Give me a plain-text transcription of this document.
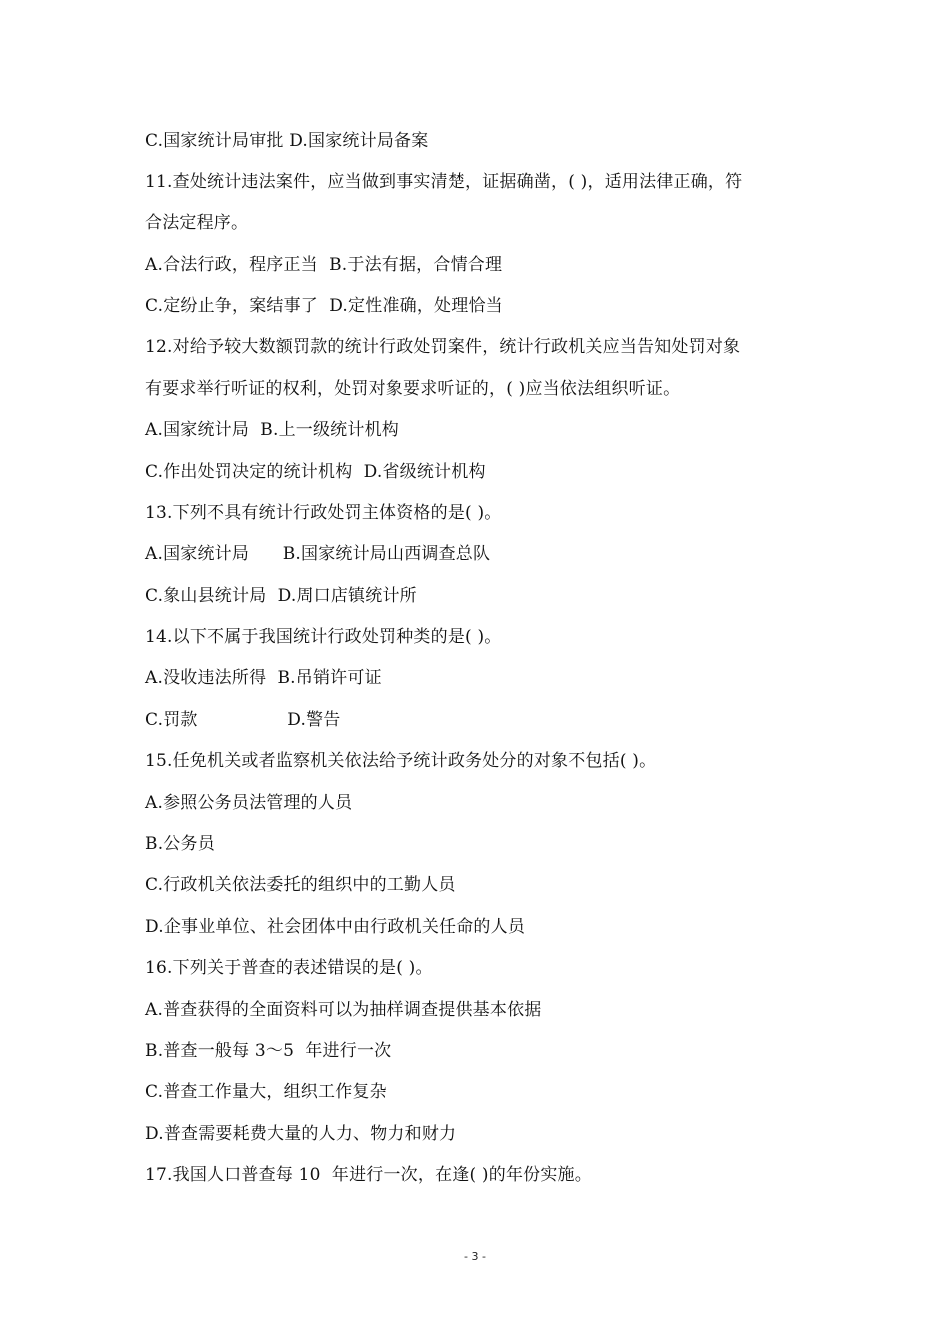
C.国家统计局审批 D.国家统计局备案
11.查处统计违法案件，应当做到事实清楚，证据确凿，( )，适用法律正确，符
合法定程序。
A.合法行政，程序正当  B.于法有据，合情合理
C.定纷止争，案结事了  D.定性准确，处理恰当
12.对给予较大数额罚款的统计行政处罚案件，统计行政机关应当告知处罚对象
有要求举行听证的权利，处罚对象要求听证的，( )应当依法组织听证。
A.国家统计局  B.上一级统计机构
C.作出处罚决定的统计机构  D.省级统计机构
13.下列不具有统计行政处罚主体资格的是( )。
A.国家统计局      B.国家统计局山西调查总队
C.象山县统计局  D.周口店镇统计所
14.以下不属于我国统计行政处罚种类的是( )。
A.没收违法所得  B.吊销许可证
C.罚款                D.警告
15.任免机关或者监察机关依法给予统计政务处分的对象不包括( )。
A.参照公务员法管理的人员
B.公务员
C.行政机关依法委托的组织中的工勤人员
D.企事业单位、社会团体中由行政机关任命的人员
16.下列关于普查的表述错误的是( )。
A.普查获得的全面资料可以为抽样调查提供基本依据
B.普查一般每 3～5  年进行一次
C.普查工作量大，组织工作复杂
D.普查需要耗费大量的人力、物力和财力
17.我国人口普查每 10  年进行一次，在逢( )的年份实施。
- 3 -
